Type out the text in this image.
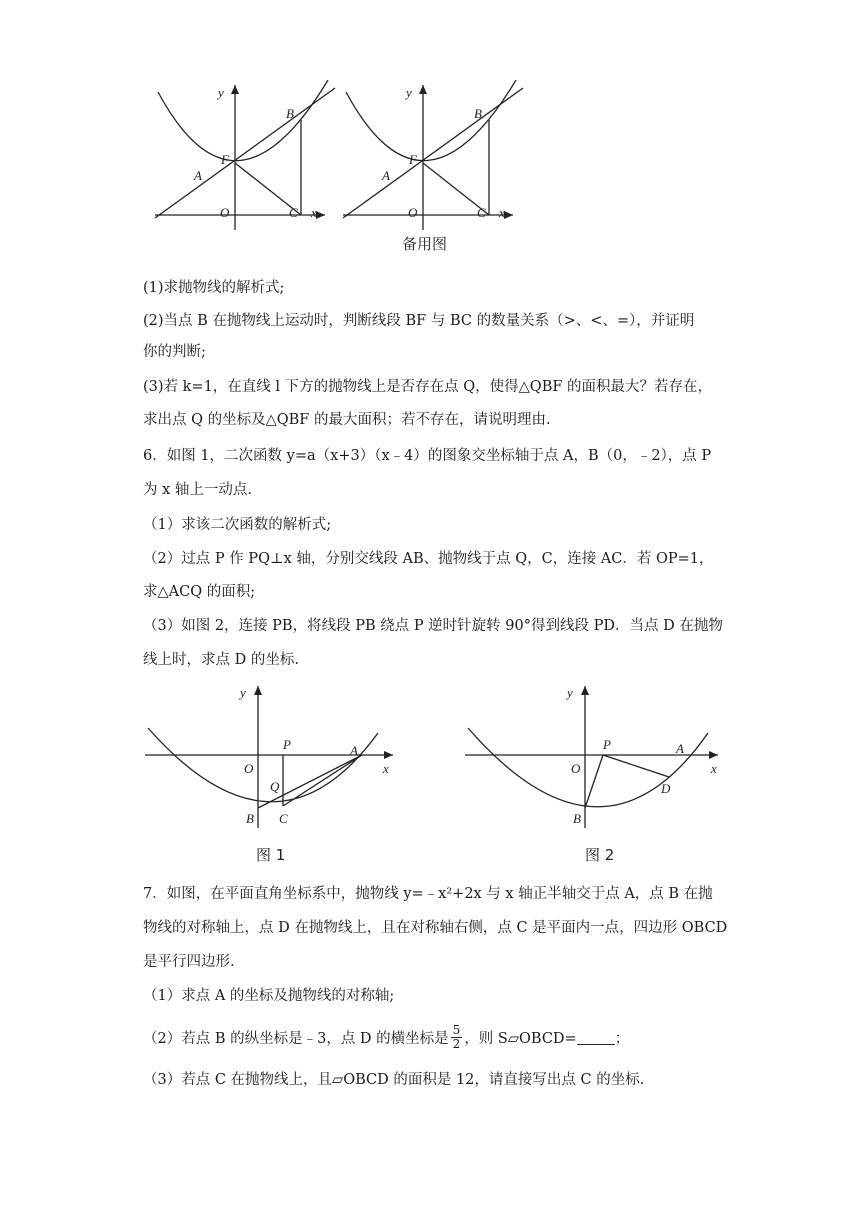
y
B
F
A
O	C x
y
B
F
A
O	C x
备用图
(1)求抛物线的解析式;
(2)当点 B 在抛物线上运动时，判断线段 BF 与 BC 的数量关系（>、<、=），并证明
你的判断;
(3)若 k=1，在直线 l 下方的抛物线上是否存在点 Q，使得△QBF 的面积最大？若存在，
求出点 Q 的坐标及△QBF 的最大面积；若不存在，请说明理由.
6．如图 1，二次函数 y=a（x+3）（x﹣4）的图象交坐标轴于点 A，B（0，﹣2），点 P
为 x 轴上一动点.
（1）求该二次函数的解析式;
（2）过点 P 作 PQ⊥x 轴，分别交线段 AB、抛物线于点 Q，C，连接 AC．若 OP=1，
求△ACQ 的面积;
（3）如图 2，连接 PB，将线段 PB 绕点 P 逆时针旋转 90°得到线段 PD．当点 D 在抛物
线上时，求点 D 的坐标.
y
P	A
O	x
Q
B C
图 1
y
P	A
O	x
D
B
图 2
7．如图，在平面直角坐标系中，抛物线 y=﹣x²+2x 与 x 轴正半轴交于点 A，点 B 在抛
物线的对称轴上，点 D 在抛物线上，且在对称轴右侧，点 C 是平面内一点，四边形 OBCD
是平行四边形.
（1）求点 A 的坐标及抛物线的对称轴;
（2）若点 B 的纵坐标是﹣3，点 D 的横坐标是 $\frac{5}{2}$ ，则 S▱OBCD=	；
（3）若点 C 在抛物线上，且▱OBCD 的面积是 12，请直接写出点 C 的坐标.
